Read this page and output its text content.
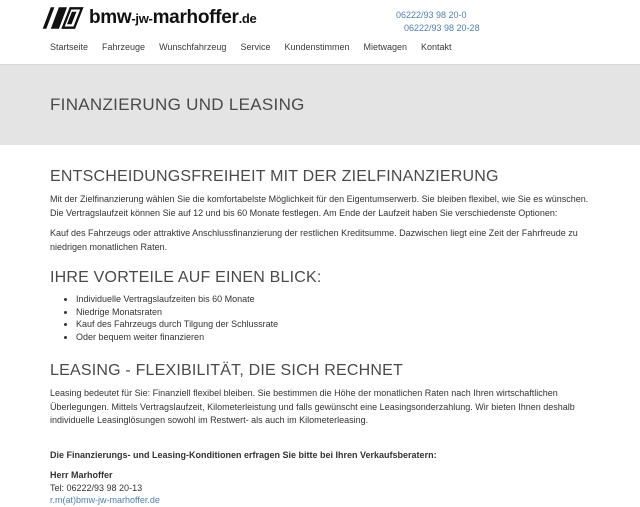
bmw-jw-marhoffer.de	06222/93 98 20-0
06222/93 98 20-28
Startseite Fahrzeuge Wunschfahrzeug Service Kundenstimmen Mietwagen Kontakt
FINANZIERUNG UND LEASING
ENTSCHEIDUNGSFREIHEIT MIT DER ZIELFINANZIERUNG

Mit der Zielfinanzierung wählen Sie die komfortabelste Möglichkeit für den Eigentumserwerb. Sie bleiben flexibel, wie Sie es wünschen. Die Vertragslaufzeit können Sie auf 12 und bis 60 Monate festlegen. Am Ende der Laufzeit haben Sie verschiedenste Optionen:

Kauf des Fahrzeugs oder attraktive Anschlussfinanzierung der restlichen Kreditsumme. Dazwischen liegt eine Zeit der Fahrfreude zu niedrigen monatlichen Raten.

IHRE VORTEILE AUF EINEN BLICK:
• Individuelle Vertragslaufzeiten bis 60 Monate
• Niedrige Monatsraten
• Kauf des Fahrzeugs durch Tilgung der Schlussrate
• Oder bequem weiter finanzieren
LEASING - FLEXIBILITÄT, DIE SICH RECHNET

Leasing bedeutet für Sie: Finanziell flexibel bleiben. Sie bestimmen die Höhe der monatlichen Raten nach Ihren wirtschaftlichen Überlegungen. Mittels Vertragslaufzeit, Kilometerleistung und falls gewünscht eine Leasingsonderzahlung. Wir bieten Ihnen deshalb individuelle Leasinglösungen sowohl im Restwert- als auch im Kilometerleasing.

Die Finanzierungs- und Leasing-Konditionen erfragen Sie bitte bei Ihren Verkaufsberatern:

Herr Marhoffer
Tel: 06222/93 98 20-13
r.m(at)bmw-jw-marhoffer.de
